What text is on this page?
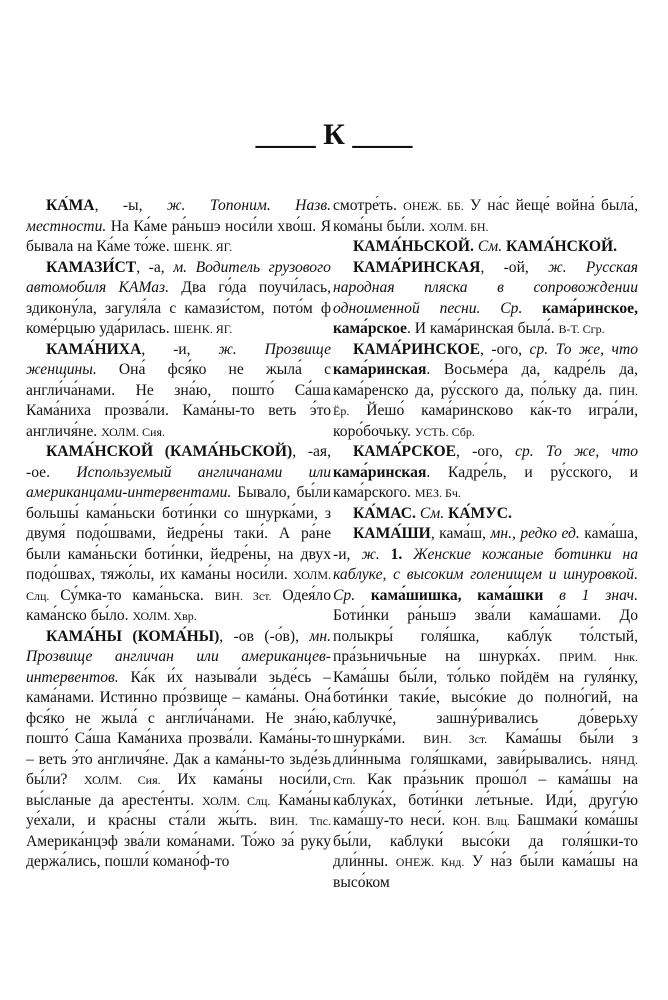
____ К ____

КА́МА, -ы, ж. Топоним. Назв. местности. На Ка́ме ра́ньшэ носи́ли хво́ш. Я бывала на Ка́ме то́же. ШЕНК. ЯГ.

КАМАЗИ́СТ, -а, м. Водитель грузового автомобиля КАМаз. Два го́да поучи́лась, здикону́ла, загуля́ла с камази́стом, пото́м ф коме́рцыю уда́рилась. ШЕНК. ЯГ.

КАМА́НИХА, -и, ж. Прозвище женщины. Она́ фся́ко не жыла́ с англи́ча́нами. Не зна́ю, пошто́ Са́ша Кама́ниха прозва́ли. Кама́ны-то веть э́то англичя́не. ХОЛМ. Сия.

КАМА́НСКОЙ (КАМА́НЬСКОЙ), -ая, -ое. Используемый англичанами или американцами-интервентами. Бывало, бы́ли большы́ кама́ньски боти́нки со шнурка́ми, з двумя́ подо́швами, йедре́ны таки́. А ра́не были кама́ньски боти́нки, йедре́ны, на двух подо́швах, тяжо́лы, их кама́ны носи́ли. ХОЛМ. Слц. Су́мка-то кама́ньска. ВИН. Зст. Одея́ло кама́нско бы́ло. ХОЛМ. Хвр.

КАМА́НЫ (КОМА́НЫ), -ов (-о́в), мн. Прозвище англичан или американцев-интервентов. Ка́к и́х называ́ли зьде́сь – кама́нами. Истинно про́звище – кама́ны. Она́ фся́ко не жыла́ с англи́ча́нами. Не зна́ю, пошто́ Са́ша Кама́ниха прозва́ли. Кама́ны-то – веть э́то англичя́не. Дак а кама́ны-то зьде́зь бы́ли? ХОЛМ. Сия. Их кама́ны носи́ли, вы́сланые да аресте́нты. ХОЛМ. Слц. Кама́ны уе́хали, и кра́сны ста́ли жы́ть. ВИН. Тпс. Америка́нцэф зва́ли кома́нами. То́жо за́ руку держа́лись, пошли́ комано́ф-то

смотре́ть. ОНЕЖ. ББ. У на́с йеще́ война́ была́, кома́ны бы́ли. ХОЛМ. БН.

КАМА́НЬСКОЙ. См. КАМА́НСКОЙ.

КАМА́РИНСКАЯ, -ой, ж. Русская народная пляска в сопровождении одноименной песни. Ср. кама́ринское, кама́рское. И кама́ринская была́. В-Т. Сгр.

КАМА́РИНСКОЕ, -ого, ср. То же, что кама́ринская. Восьме́ра да, кадре́ль да, кама́ренско да, ру́сского да, по́льку да. ПИН. Ёр. Йешо́ кама́ринсково ка́к-то игра́ли, коро́бочьку. УСТЬ. Сбр.

КАМА́РСКОЕ, -ого, ср. То же, что кама́ринская. Кадре́ль, и ру́сского, и кама́рского. МЕЗ. Бч.

КА́МАС. См. КА́МУС.

КАМА́ШИ, кама́ш, мн., редко ед. кама́ша, -и, ж. 1. Женские кожаные ботинки на каблуке, с высоким голенищем и шнуровкой. Ср. кама́шишка, кама́шки в 1 знач. Боти́нки ра́ньшэ зва́ли кама́шами. До полыкры́ голя́шка, каблу́к то́лстый, пра́зьничьные на шнурка́х. ПРИМ. Ннк. Кама́шы бы́ли, то́лько пойдём на гуля́нку, боти́нки таки́е, высо́кие до полно́гий, на каблучке́, зашну́ривались до́верьху шнурка́ми. ВИН. Зст. Кама́шы бы́ли з дли́нныма голя́шками, зави́рывались. НЯНД. Стп. Как пра́зьник прошо́л – кама́шы на каблука́х, боти́нки ле́тьные. Иди́, другу́ю кама́шу-то неси́. КОН. Влц. Башмаки́ кома́шы бы́ли, каблуки́ высо́ки да голя́шки-то дли́нны. ОНЕЖ. Кнд. У на́з бы́ли кама́шы на высо́ком
